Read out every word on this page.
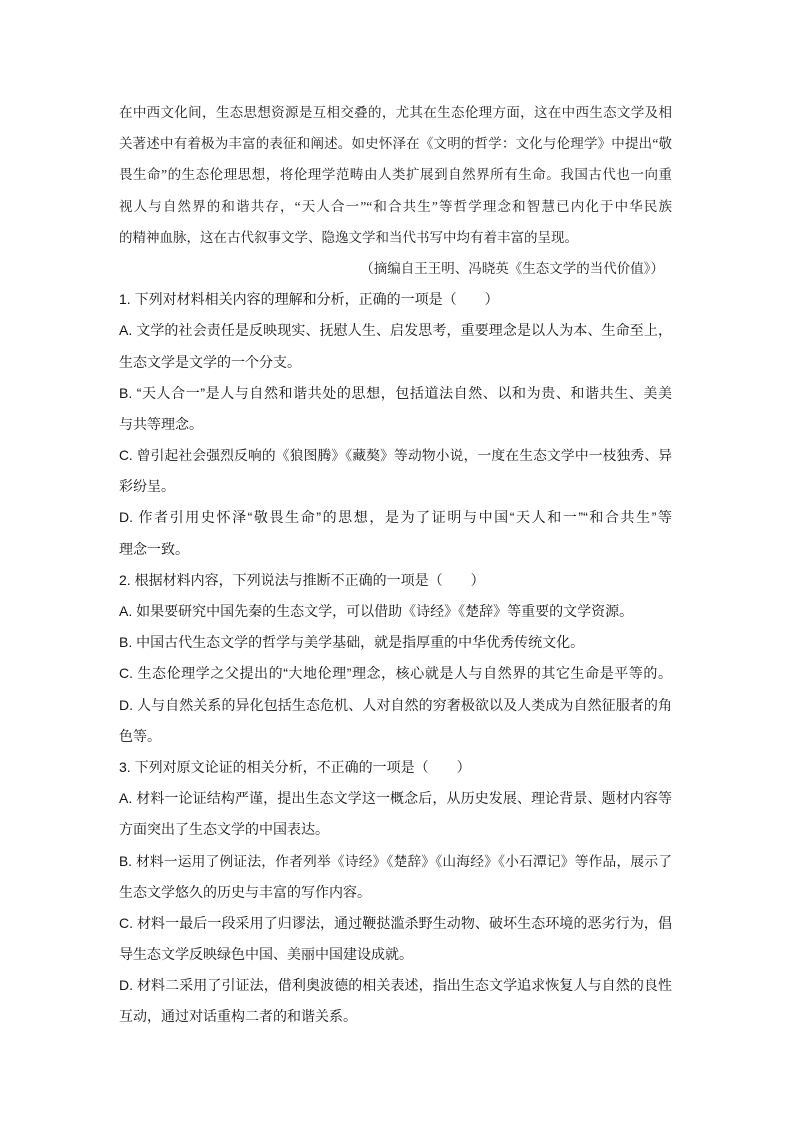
在中西文化间，生态思想资源是互相交叠的，尤其在生态伦理方面，这在中西生态文学及相
关著述中有着极为丰富的表征和阐述。如史怀泽在《文明的哲学：文化与伦理学》中提出“敬
畏生命”的生态伦理思想，将伦理学范畴由人类扩展到自然界所有生命。我国古代也一向重
视人与自然界的和谐共存，“天人合一”“和合共生”等哲学理念和智慧已内化于中华民族
的精神血脉，这在古代叙事文学、隐逸文学和当代书写中均有着丰富的呈现。
（摘编自王王明、冯晓英《生态文学的当代价值》）
1. 下列对材料相关内容的理解和分析，正确的一项是（　　）
A. 文学的社会责任是反映现实、抚慰人生、启发思考，重要理念是以人为本、生命至上，
生态文学是文学的一个分支。
B. “天人合一”是人与自然和谐共处的思想，包括道法自然、以和为贵、和谐共生、美美
与共等理念。
C. 曾引起社会强烈反响的《狼图腾》《藏獒》等动物小说，一度在生态文学中一枝独秀、异
彩纷呈。
D. 作者引用史怀泽“敬畏生命”的思想，是为了证明与中国“天人和一”“和合共生”等
理念一致。
2. 根据材料内容，下列说法与推断不正确的一项是（　　）
A. 如果要研究中国先秦的生态文学，可以借助《诗经》《楚辞》等重要的文学资源。
B. 中国古代生态文学的哲学与美学基础，就是指厚重的中华优秀传统文化。
C. 生态伦理学之父提出的“大地伦理”理念，核心就是人与自然界的其它生命是平等的。
D. 人与自然关系的异化包括生态危机、人对自然的穷奢极欲以及人类成为自然征服者的角
色等。
3. 下列对原文论证的相关分析，不正确的一项是（　　）
A. 材料一论证结构严谨，提出生态文学这一概念后，从历史发展、理论背景、题材内容等
方面突出了生态文学的中国表达。
B. 材料一运用了例证法，作者列举《诗经》《楚辞》《山海经》《小石潭记》等作品，展示了
生态文学悠久的历史与丰富的写作内容。
C. 材料一最后一段采用了归谬法，通过鞭挞滥杀野生动物、破坏生态环境的恶劣行为，倡
导生态文学反映绿色中国、美丽中国建设成就。
D. 材料二采用了引证法，借利奥波德的相关表述，指出生态文学追求恢复人与自然的良性
互动，通过对话重构二者的和谐关系。
